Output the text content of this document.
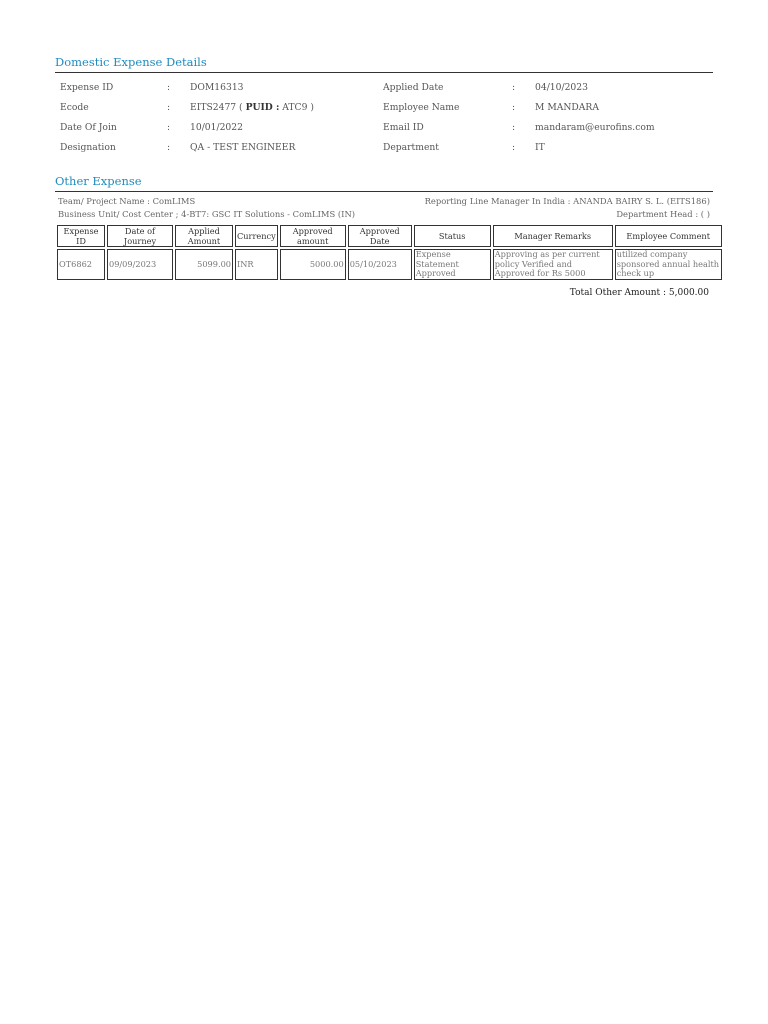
Domestic Expense Details
Expense ID	:	DOM16313	Applied Date	:	04/10/2023
Ecode	:	EITS2477 ( PUID : ATC9 )	Employee Name	:	M MANDARA
Date Of Join	:	10/01/2022	Email ID	:	mandaram@eurofins.com
Designation	:	QA - TEST ENGINEER	Department	:	IT
Other Expense
Team/ Project Name : ComLIMS	Reporting Line Manager In India : ANANDA BAIRY S. L. (EITS186)
Business Unit/ Cost Center ; 4-BT7: GSC IT Solutions - ComLIMS (IN)	Department Head : ( )
Expense ID	Date of Journey	Applied Amount	Currency	Approved amount	Approved Date	Status	Manager Remarks	Employee Comment
OT6862	09/09/2023	5099.00	INR	5000.00	05/10/2023	Expense Statement Approved	Approving as per current policy Verified and Approved for Rs 5000	utilized company sponsored annual health check up
Total Other Amount : 5,000.00
